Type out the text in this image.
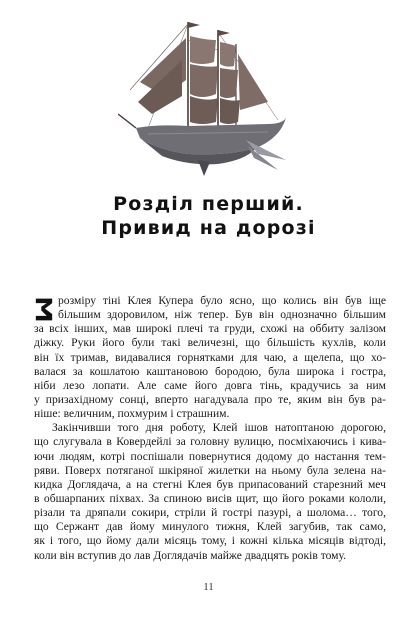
Розділ перший.
Привид на дорозі
розміру тіні Клея Купера було ясно, що колись він був іще
більшим здоровилом, ніж тепер. Був він однозначно більшим
за всіх інших, мав широкі плечі та груди, схожі на оббиту залізом
діжку. Руки його були такі величезні, що більшість кухлів, коли
він їх тримав, видавалися горнятками для чаю, а щелепа, що хо-
валася за кошлатою каштановою бородою, була широка і гостра,
ніби лезо лопати. Але саме його довга тінь, крадучись за ним
у призахідному сонці, вперто нагадувала про те, яким він був ра-
ніше: величним, похмурим і страшним.
Закінчивши того дня роботу, Клей ішов натоптаною дорогою,
що слугувала в Ковердейлі за головну вулицю, посміхаючись і кива-
ючи людям, котрі поспішали повернутися додому до настання тем-
ряви. Поверх потяганої шкіряної жилетки на ньому була зелена на-
кидка Доглядача, а на стегні Клея був припасований старезний меч
в обшарпаних піхвах. За спиною висів щит, що його роками кололи,
різали та дряпали сокири, стріли й гострі пазурі, а шолома… того,
що Сержант дав йому минулого тижня, Клей загубив, так само,
як і того, що йому дали місяць тому, і кожні кілька місяців відтоді,
коли він вступив до лав Доглядачів майже двадцять років тому.
11
